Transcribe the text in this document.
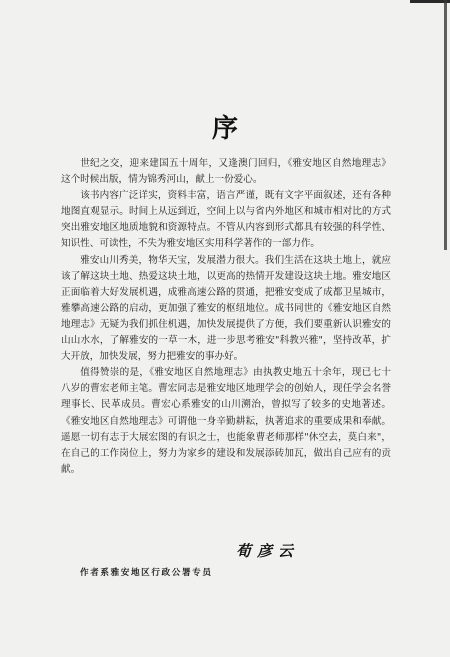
序

世纪之交，迎来建国五十周年，又逢澳门回归，《雅安地区自然地理志》这个时候出版，情为锦秀河山，献上一份爱心。

该书内容广泛详实，资料丰富，语言严谨，既有文字平面叙述，还有各种地图直观显示。时间上从远到近，空间上以与省内外地区和城市相对比的方式突出雅安地区地质地貌和资源特点。不管从内容到形式都具有较强的科学性、知识性、可读性，不失为雅安地区实用科学著作的一部力作。

雅安山川秀美，物华天宝，发展潜力很大。我们生活在这块土地上，就应该了解这块土地、热爱这块土地，以更高的热情开发建设这块土地。雅安地区正面临着大好发展机遇，成雅高速公路的贯通，把雅安变成了成都卫星城市，雅攀高速公路的启动，更加强了雅安的枢纽地位。成书同世的《雅安地区自然地理志》无疑为我们抓住机遇，加快发展提供了方便，我们要重新认识雅安的山山水水，了解雅安的一草一木，进一步思考雅安"科教兴雅"，坚持改革，扩大开放，加快发展，努力把雅安的事办好。

值得赞崇的是，《雅安地区自然地理志》由执教史地五十余年，现已七十八岁的曹宏老师主笔。曹宏同志是雅安地区地理学会的创始人，现任学会名誉理事长、民革成员。曹宏心系雅安的山川溯治，曾拟写了较多的史地著述。《雅安地区自然地理志》可谓他一身辛勤耕耘，执著追求的重要成果和奉献。遥愿一切有志于大展宏图的有识之士，也能象曹老师那样"休空去，莫白来"，在自己的工作岗位上，努力为家乡的建设和发展添砖加瓦，做出自己应有的贡献。

荀彦云
作者系雅安地区行政公署专员
